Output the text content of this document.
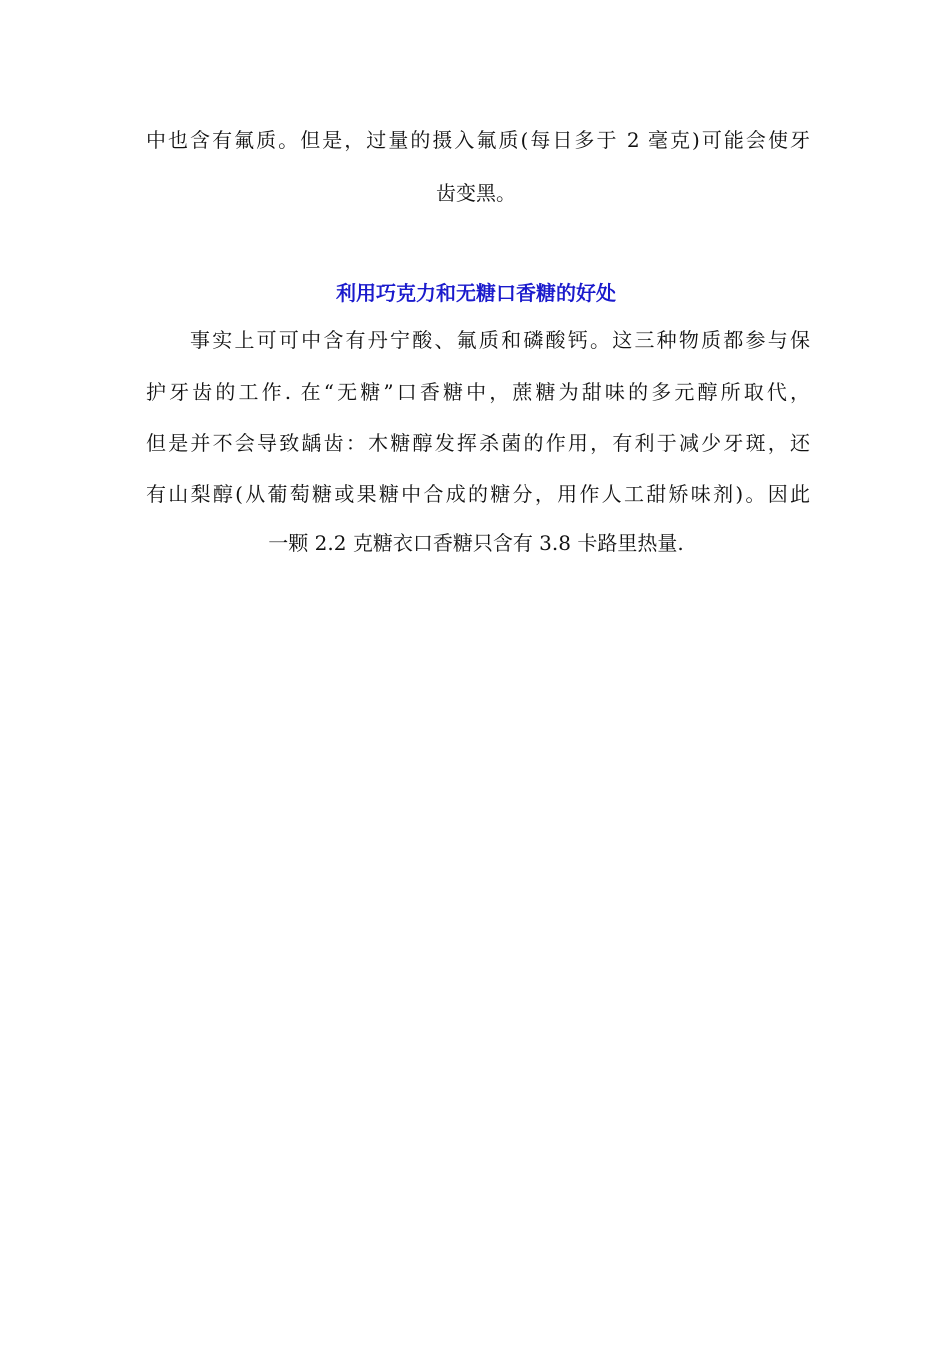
中也含有氟质。但是，过量的摄入氟质(每日多于 2 毫克)可能会使牙
齿变黑。
利用巧克力和无糖口香糖的好处
事实上可可中含有丹宁酸、氟质和磷酸钙。这三种物质都参与保
护牙齿的工作. 在“无糖”口香糖中，蔗糖为甜味的多元醇所取代，
但是并不会导致龋齿：木糖醇发挥杀菌的作用，有利于减少牙斑，还
有山梨醇(从葡萄糖或果糖中合成的糖分，用作人工甜矫味剂)。因此
一颗 2.2 克糖衣口香糖只含有 3.8 卡路里热量.
